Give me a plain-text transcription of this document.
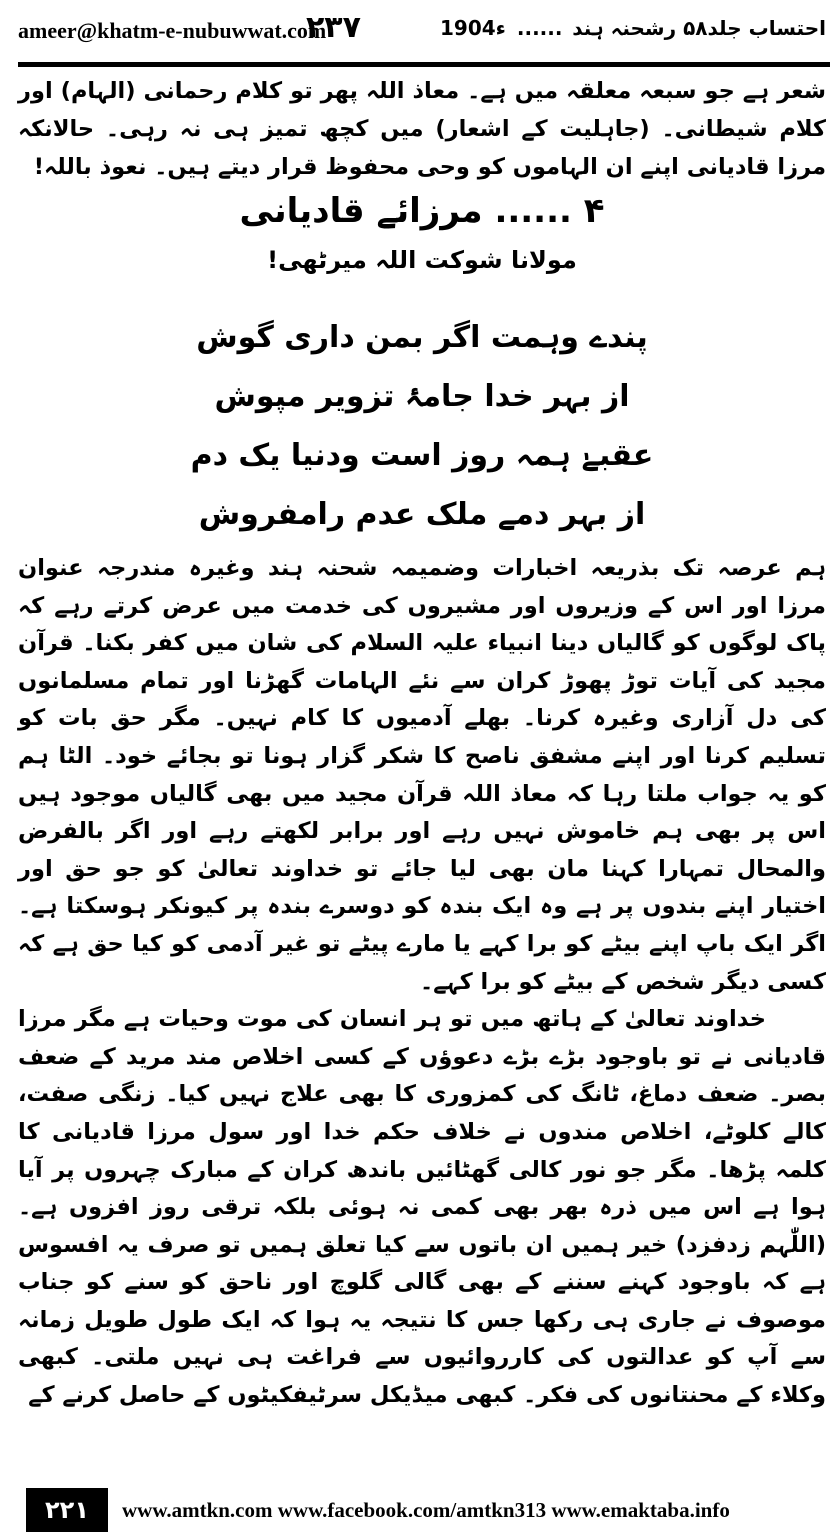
ameer@khatm-e-nubuwwat.com
۲۳۷	1904ء ...... احتساب جلد۵۸ رشحنہ ہند

شعر ہے جو سبعہ معلقہ میں ہے۔ معاذ اللہ پھر تو کلام رحمانی (الہام) اور کلام شیطانی۔ (جاہلیت کے اشعار) میں کچھ تمیز ہی نہ رہی۔ حالانکہ مرزا قادیانی اپنے ان الہاموں کو وحی محفوظ قرار دیتے ہیں۔ نعوذ باللہ!

۴ ...... مرزائے قادیانی
مولانا شوکت اللہ میرٹھی!
پندے وہمت اگر بمن داری گوش
از بہر خدا جامۂ تزویر مپوش
عقبےٰ ہمہ روز است ودنیا یک دم
از بہر دمے ملک عدم رامفروش

ہم عرصہ تک بذریعہ اخبارات وضمیمہ شحنہ ہند وغیرہ مندرجہ عنوان مرزا اور اس کے وزیروں اور مشیروں کی خدمت میں عرض کرتے رہے کہ پاک لوگوں کو گالیاں دینا انبیاء علیہ السلام کی شان میں کفر بکنا۔ قرآن مجید کی آیات توڑ پھوڑ کران سے نئے الہامات گھڑنا اور تمام مسلمانوں کی دل آزاری وغیرہ کرنا۔ بھلے آدمیوں کا کام نہیں۔ مگر حق بات کو تسلیم کرنا اور اپنے مشفق ناصح کا شکر گزار ہونا تو بجائے خود۔ الٹا ہم کو یہ جواب ملتا رہا کہ معاذ اللہ قرآن مجید میں بھی گالیاں موجود ہیں اس پر بھی ہم خاموش نہیں رہے اور برابر لکھتے رہے اور اگر بالفرض والمحال تمہارا کہنا مان بھی لیا جائے تو خداوند تعالیٰ کو جو حق اور اختیار اپنے بندوں پر ہے وہ ایک بندہ کو دوسرے بندہ پر کیونکر ہوسکتا ہے۔ اگر ایک باپ اپنے بیٹے کو برا کہے یا مارے پیٹے تو غیر آدمی کو کیا حق ہے کہ کسی دیگر شخص کے بیٹے کو برا کہے۔

خداوند تعالیٰ کے ہاتھ میں تو ہر انسان کی موت وحیات ہے مگر مرزا قادیانی نے تو باوجود بڑے بڑے دعوؤں کے کسی اخلاص مند مرید کے ضعف بصر۔ ضعف دماغ، ٹانگ کی کمزوری کا بھی علاج نہیں کیا۔ زنگی صفت، کالے کلوٹے، اخلاص مندوں نے خلاف حکم خدا اور سول مرزا قادیانی کا کلمہ پڑھا۔ مگر جو نور کالی گھٹائیں باندھ کران کے مبارک چہروں پر آیا ہوا ہے اس میں ذرہ بھر بھی کمی نہ ہوئی بلکہ ترقی روز افزوں ہے۔ (اللّٰہم زدفزد) خیر ہمیں ان باتوں سے کیا تعلق ہمیں تو صرف یہ افسوس ہے کہ باوجود کہنے سننے کے بھی گالی گلوچ اور ناحق کو سنے کو جناب موصوف نے جاری ہی رکھا جس کا نتیجہ یہ ہوا کہ ایک طول طویل زمانہ سے آپ کو عدالتوں کی کارروائیوں سے فراغت ہی نہیں ملتی۔ کبھی وکلاء کے محنتانوں کی فکر۔ کبھی میڈیکل سرٹیفکیٹوں کے حاصل کرنے کے

۲۲۱	www.amtkn.com www.facebook.com/amtkn313 www.emaktaba.info
